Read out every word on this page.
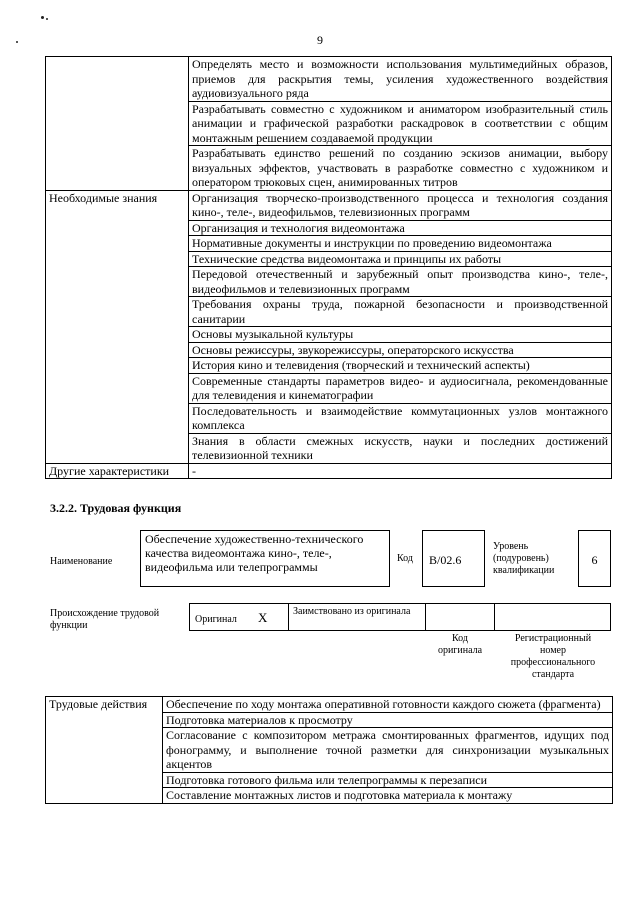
9
	Определять место и возможности использования мультимедийных образов, приемов для раскрытия темы, усиления художественного воздействия аудиовизуального ряда
	Разрабатывать совместно с художником и аниматором изобразительный стиль анимации и графической разработки раскадровок в соответствии с общим монтажным решением создаваемой продукции
	Разрабатывать единство решений по созданию эскизов анимации, выбору визуальных эффектов, участвовать в разработке совместно с художником и оператором трюковых сцен, анимированных титров
Необходимые знания	Организация творческо-производственного процесса и технология создания кино-, теле-, видеофильмов, телевизионных программ
	Организация и технология видеомонтажа
	Нормативные документы и инструкции по проведению видеомонтажа
	Технические средства видеомонтажа и принципы их работы
	Передовой отечественный и зарубежный опыт производства кино-, теле-, видеофильмов и телевизионных программ
	Требования охраны труда, пожарной безопасности и производственной санитарии
	Основы музыкальной культуры
	Основы режиссуры, звукорежиссуры, операторского искусства
	История кино и телевидения (творческий и технический аспекты)
	Современные стандарты параметров видео- и аудиосигнала, рекомендованные для телевидения и кинематографии
	Последовательность и взаимодействие коммутационных узлов монтажного комплекса
	Знания в области смежных искусств, науки и последних достижений телевизионной техники
Другие характеристики	-
3.2.2. Трудовая функция
Наименование
Обеспечение художественно-технического качества видеомонтажа кино-, теле-, видеофильма или телепрограммы
Код	B/02.6
Уровень (подуровень) квалификации
6
Происхождение трудовой функции
Оригинал X	Заимствовано из оригинала
Код оригинала
Регистрационный номер профессионального стандарта
Трудовые действия	Обеспечение по ходу монтажа оперативной готовности каждого сюжета (фрагмента)
Подготовка материалов к просмотру
Согласование с композитором метража смонтированных фрагментов, идущих под фонограмму, и выполнение точной разметки для синхронизации музыкальных акцентов
Подготовка готового фильма или телепрограммы к перезаписи
Составление монтажных листов и подготовка материала к монтажу
